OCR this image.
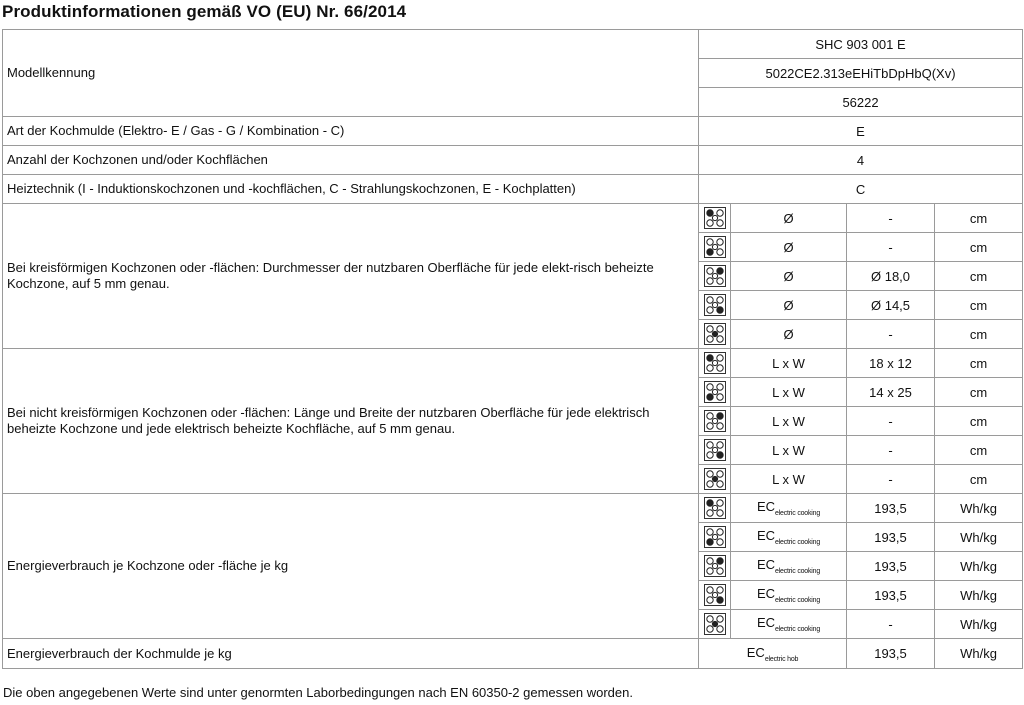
Produktinformationen gemäß VO (EU) Nr. 66/2014
Modellkennung	SHC 903 001 E			
	5022CE2.313eEHiTbDpHbQ(Xv)			
	56222			
Art der Kochmulde (Elektro- E / Gas - G / Kombination - C)	E			
Anzahl der Kochzonen und/oder Kochflächen	4			
Heiztechnik (I - Induktionskochzonen und -kochflächen, C - Strahlungskochzonen, E - Kochplatten)	C			
Bei kreisförmigen Kochzonen oder -flächen: Durchmesser der nutzbaren Oberfläche für jede elekt-risch beheizte Kochzone, auf 5 mm genau.		Ø	-	cm

	Ø	-	cm

	Ø	Ø 18,0	cm

	Ø	Ø 14,5	cm

	Ø	-	cm
Bei nicht kreisförmigen Kochzonen oder -flächen: Länge und Breite der nutzbaren Oberfläche für jede elektrisch beheizte Kochzone und jede elektrisch beheizte Kochfläche, auf 5 mm genau.		L x W	18 x 12	cm

	L x W	14 x 25	cm

	L x W	-	cm

	L x W	-	cm

	L x W	-	cm
Energieverbrauch je Kochzone oder -fläche je kg		$EC_{electric cooking}$	193,5	Wh/kg

	$EC_{electric cooking}$	193,5	Wh/kg

	$EC_{electric cooking}$	193,5	Wh/kg

	$EC_{electric cooking}$	193,5	Wh/kg

	$EC_{electric cooking}$	-	Wh/kg
Energieverbrauch der Kochmulde je kg	$EC_{electric hob}$		193,5	Wh/kg
Die oben angegebenen Werte sind unter genormten Laborbedingungen nach EN 60350-2 gemessen worden.
